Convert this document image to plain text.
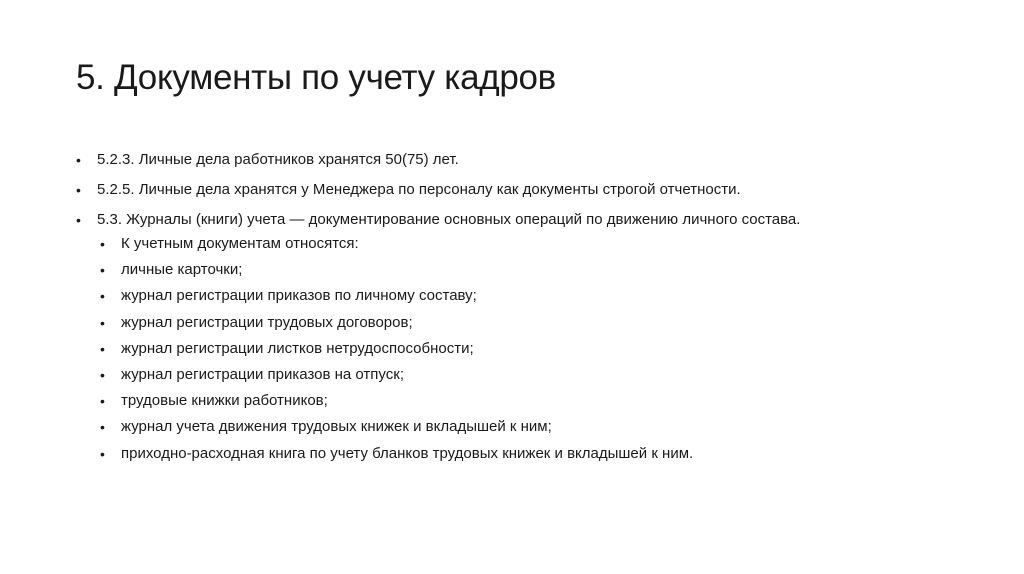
5. Документы по учету кадров
• 5.2.3. Личные дела работников хранятся 50(75) лет.
• 5.2.5. Личные дела хранятся у Менеджера по персоналу как документы строгой отчетности.
• 5.3. Журналы (книги) учета — документирование основных операций по движению личного состава.
• К учетным документам относятся:
• личные карточки;
• журнал регистрации приказов по личному составу;
• журнал регистрации трудовых договоров;
• журнал регистрации листков нетрудоспособности;
• журнал регистрации приказов на отпуск;
• трудовые книжки работников;
• журнал учета движения трудовых книжек и вкладышей к ним;
• приходно-расходная книга по учету бланков трудовых книжек и вкладышей к ним.
